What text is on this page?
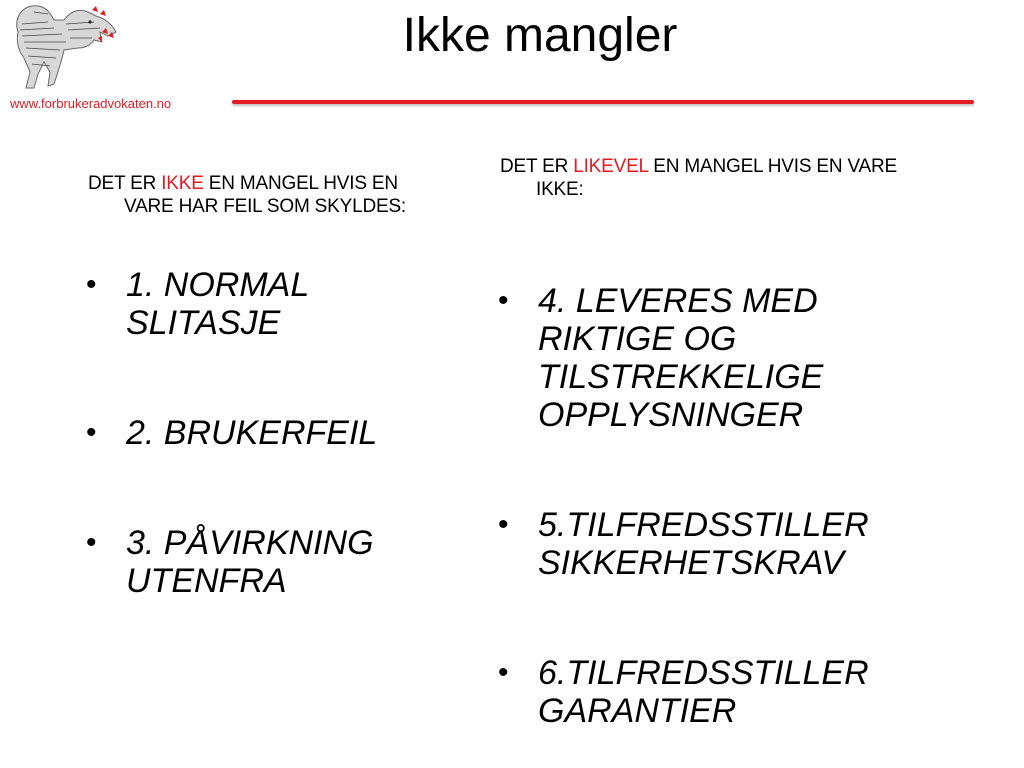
www.forbrukeradvokaten.no
Ikke mangler
DET ER IKKE EN MANGEL HVIS EN
VARE HAR FEIL SOM SKYLDES:
DET ER LIKEVEL EN MANGEL HVIS EN VARE
IKKE:
• 1. NORMAL
SLITASJE
• 2. BRUKERFEIL
• 3. PÅVIRKNING
UTENFRA
• 4. LEVERES MED
RIKTIGE OG
TILSTREKKELIGE
OPPLYSNINGER
• 5.TILFREDSSTILLER
SIKKERHETSKRAV
• 6.TILFREDSSTILLER
GARANTIER
